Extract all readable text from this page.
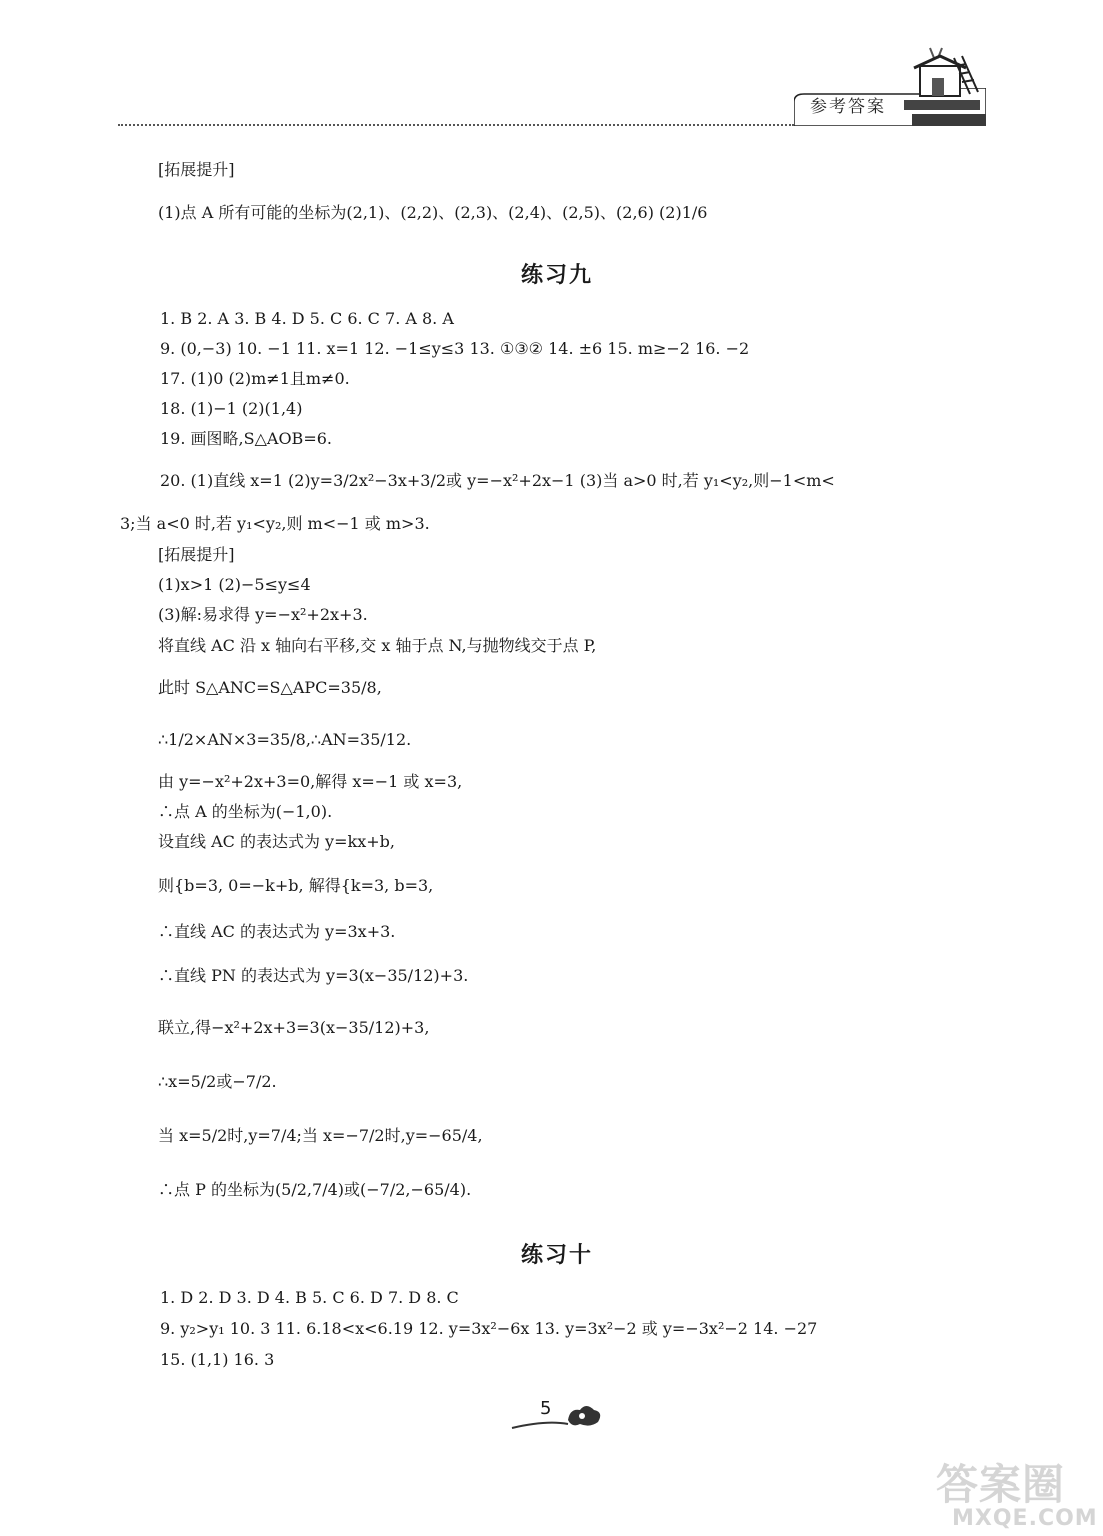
参考答案
[拓展提升]
(1)点 A 所有可能的坐标为(2,1)、(2,2)、(2,3)、(2,4)、(2,5)、(2,6) (2)1/6
练习九
1. B 2. A 3. B 4. D 5. C 6. C 7. A 8. A
9. (0,−3) 10. −1 11. x=1 12. −1≤y≤3 13. ①③② 14. ±6 15. m≥−2 16. −2
17. (1)0 (2)m≠1且m≠0.
18. (1)−1 (2)(1,4)
19. 画图略,S△AOB=6.
20. (1)直线 x=1 (2)y=3/2x²−3x+3/2或 y=−x²+2x−1 (3)当 a>0 时,若 y₁<y₂,则−1<m<
3;当 a<0 时,若 y₁<y₂,则 m<−1 或 m>3.
[拓展提升]
(1)x>1 (2)−5≤y≤4
(3)解:易求得 y=−x²+2x+3.
将直线 AC 沿 x 轴向右平移,交 x 轴于点 N,与抛物线交于点 P,
此时 S△ANC=S△APC=35/8,
∴1/2×AN×3=35/8,∴AN=35/12.
由 y=−x²+2x+3=0,解得 x=−1 或 x=3,
∴点 A 的坐标为(−1,0).
设直线 AC 的表达式为 y=kx+b,
则{b=3, 0=−k+b, 解得{k=3, b=3,
∴直线 AC 的表达式为 y=3x+3.
∴直线 PN 的表达式为 y=3(x−35/12)+3.
联立,得−x²+2x+3=3(x−35/12)+3,
∴x=5/2或−7/2.
当 x=5/2时,y=7/4;当 x=−7/2时,y=−65/4,
∴点 P 的坐标为(5/2,7/4)或(−7/2,−65/4).
练习十
1. D 2. D 3. D 4. B 5. C 6. D 7. D 8. C
9. y₂>y₁ 10. 3 11. 6.18<x<6.19 12. y=3x²−6x 13. y=3x²−2 或 y=−3x²−2 14. −27
15. (1,1) 16. 3
5
答案圈
MXQE.COM
